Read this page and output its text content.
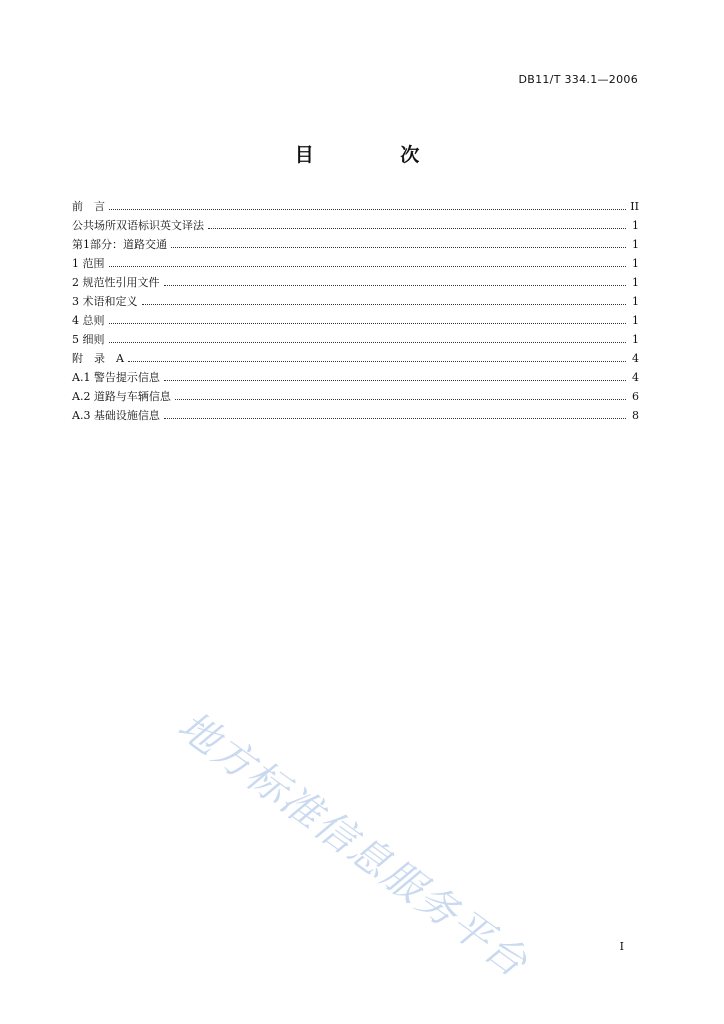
DB11/T 334.1—2006
目 次
前　言	II
公共场所双语标识英文译法	1
第1部分：道路交通	1
1 范围	1
2 规范性引用文件	1
3 术语和定义	1
4 总则	1
5 细则	1
附　录　A	4
A.1 警告提示信息	4
A.2 道路与车辆信息	6
A.3 基础设施信息	8
地方标准信息服务平台	I
